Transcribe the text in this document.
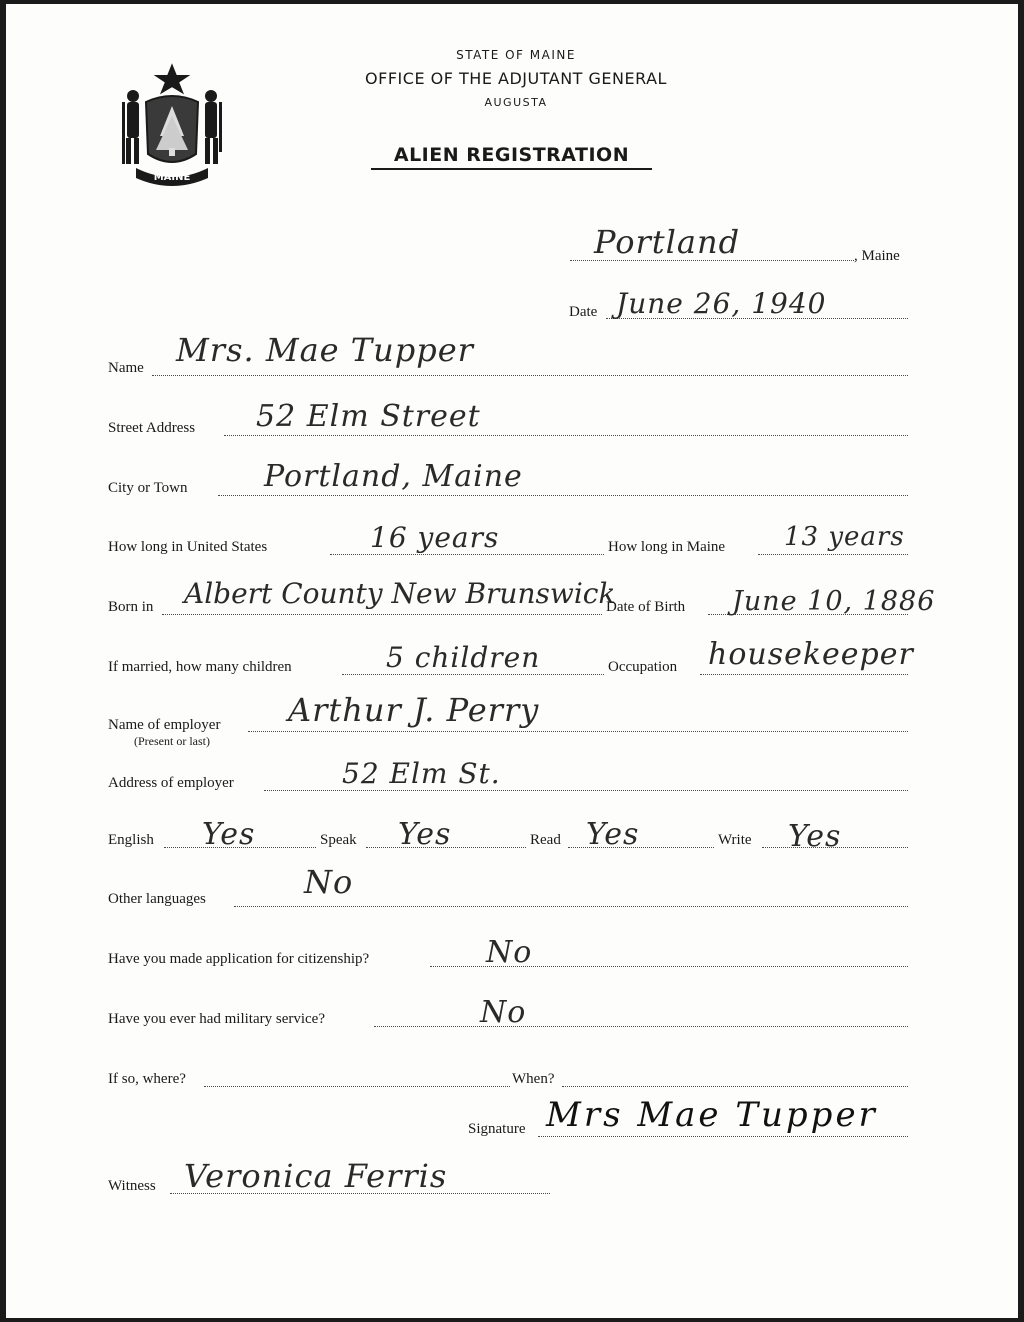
MAINE
STATE OF MAINE
OFFICE OF THE ADJUTANT GENERAL
AUGUSTA
ALIEN REGISTRATION
Portland	, Maine
Date June 26, 1940
Name Mrs. Mae Tupper
Street Address 52 Elm Street
City or Town	Portland, Maine
How long in United States	16 years	How long in Maine 13 years
Born in Albert County New Brunswick
Date of Birth June 10, 1886
If married, how many children	5 children	Occupation housekeeper
Name of employer
(Present or last)
Arthur J. Perry
Address of employer	52 Elm St.
English Yes	Speak Yes	Read Yes	Write Yes
Other languages	No
Have you made application for citizenship?	No
Have you ever had military service?	No
If so, where?	When?
Signature Mrs Mae Tupper
Witness Veronica Ferris
